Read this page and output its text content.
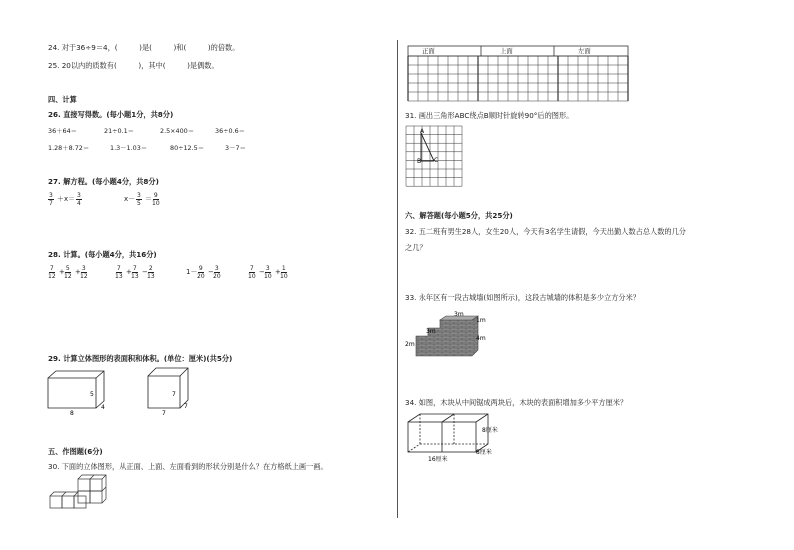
24. 对于36÷9＝4，(　　　)是(　　　)和(　　　)的倍数。
25. 20以内的质数有(　　　)，其中(　　　)是偶数。
四、计算
26. 直接写得数。(每小题1分，共8分)
36＋64＝	21÷0.1＝	2.5×400＝	36÷0.6＝
1.28＋8.72＝	1.3－1.03＝	80÷12.5＝	3－7＝
27. 解方程。(每小题4分，共8分)
$\frac{3}{7} +x= \frac{3}{4}$	$x- \frac{3}{5} = \frac{9}{10}$
28. 计算。(每小题4分，共16分)
$\frac{7}{12} + \frac{5}{12} + \frac{3}{12}$	$\frac{7}{13} + \frac{7}{13} - \frac{2}{13}$	$1- \frac{9}{20} - \frac{3}{20}$	$\frac{7}{10} - \frac{3}{10} + \frac{1}{10}$
29. 计算立体图形的表面积和体积。(单位：厘米)(共5分)
5
8
4
7
7
7
五、作图题(6分)
30. 下面的立体图形，从正面、上面、左面看到的形状分别是什么？在方格纸上画一画。
正面	上面	左面
31. 画出三角形ABC绕点B顺时针旋转90°后的图形。
A
B C
六、解答题(每小题5分，共25分)
32. 五二班有男生28人，女生20人，今天有3名学生请假，今天出勤人数占总人数的几分
之几？
33. 永年区有一段古城墙(如图所示)，这段古城墙的体积是多少立方分米？
3m
1m
3m
4m
2m
34. 如图，木块从中间锯成两块后，木块的表面积增加多少平方厘米？
8厘米
16厘米
8厘米
